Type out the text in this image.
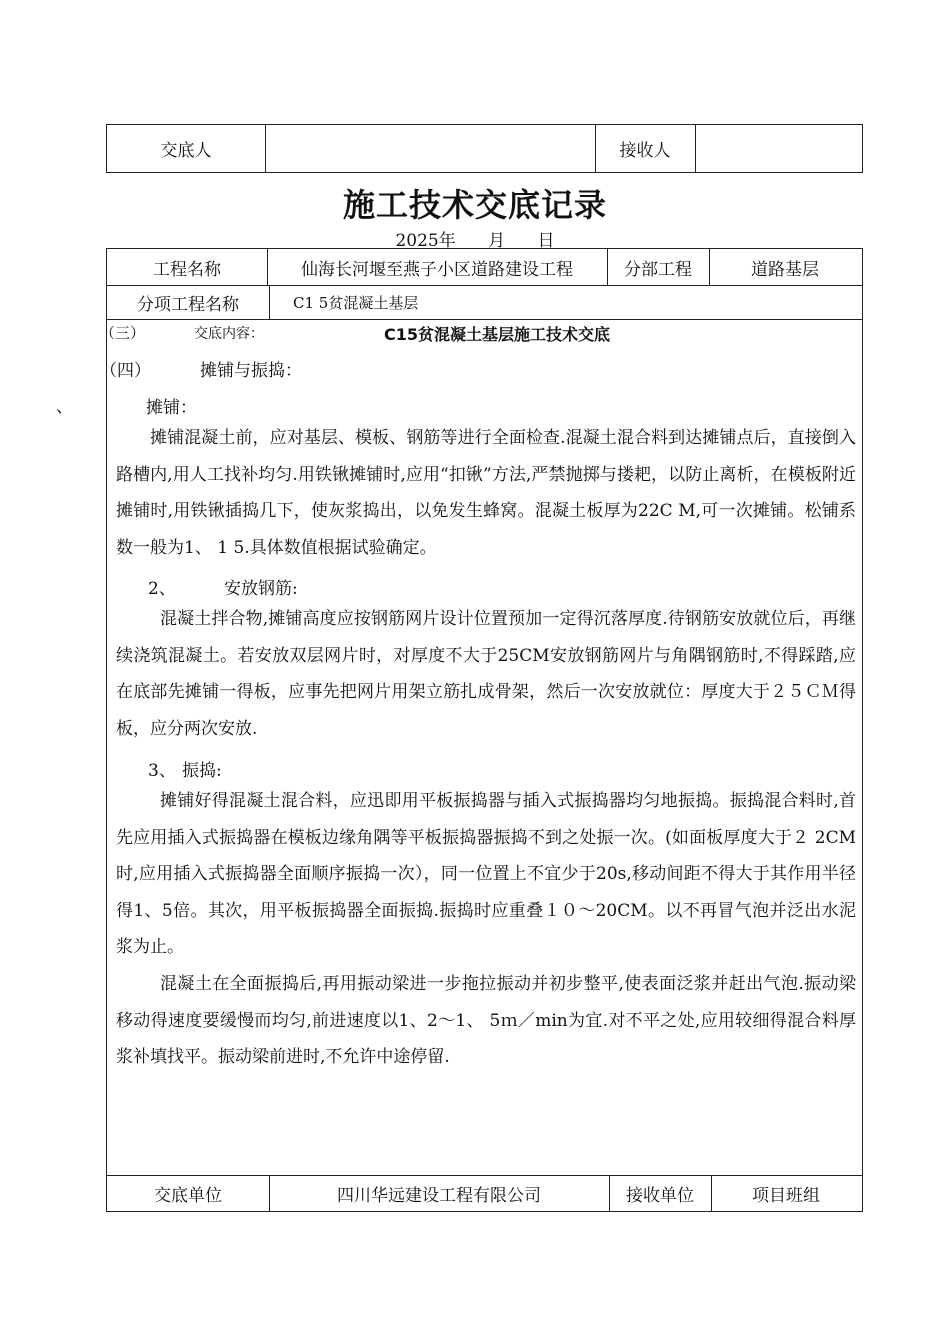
交底人	接收人
施工技术交底记录
2025年      月      日
工程名称	仙海长河堰至燕子小区道路建设工程	分部工程	道路基层
分项工程名称	C1 5贫混凝土基层
交底单位	四川华远建设工程有限公司	接收单位	项目班组
（三）	交底内容：	C15贫混凝土基层施工技术交底
（四）	摊铺与振捣：
、	摊铺：
摊铺混凝土前，应对基层、模板、钢筋等进行全面检查.混凝土混合料到达摊铺点后，直接倒入路槽内,用人工找补均匀.用铁锹摊铺时,应用“扣锹”方法,严禁抛掷与搂耙，以防止离析，在模板附近摊铺时,用铁锹插捣几下，使灰浆捣出，以免发生蜂窝。混凝土板厚为22C M,可一次摊铺。松铺系数一般为1、 1 5.具体数值根据试验确定。
2、	安放钢筋:
混凝土拌合物,摊铺高度应按钢筋网片设计位置预加一定得沉落厚度.待钢筋安放就位后，再继续浇筑混凝土。若安放双层网片时，对厚度不大于25CM安放钢筋网片与角隅钢筋时,不得踩踏,应在底部先摊铺一得板，应事先把网片用架立筋扎成骨架，然后一次安放就位：厚度大于２５ＣＭ得板，应分两次安放.
3、 振捣:
摊铺好得混凝土混合料，应迅即用平板振捣器与插入式振捣器均匀地振捣。振捣混合料时,首先应用插入式振捣器在模板边缘角隅等平板振捣器振捣不到之处振一次。(如面板厚度大于２ 2CM时,应用插入式振捣器全面顺序振捣一次），同一位置上不宜少于20s,移动间距不得大于其作用半径得1、5倍。其次，用平板振捣器全面振捣.振捣时应重叠１０～20CM。以不再冒气泡并泛出水泥浆为止。
混凝土在全面振捣后,再用振动梁进一步拖拉振动并初步整平,使表面泛浆并赶出气泡.振动梁移动得速度要缓慢而均匀,前进速度以1、2～1、 5ｍ／min为宜.对不平之处,应用较细得混合料厚浆补填找平。振动梁前进时,不允许中途停留.
